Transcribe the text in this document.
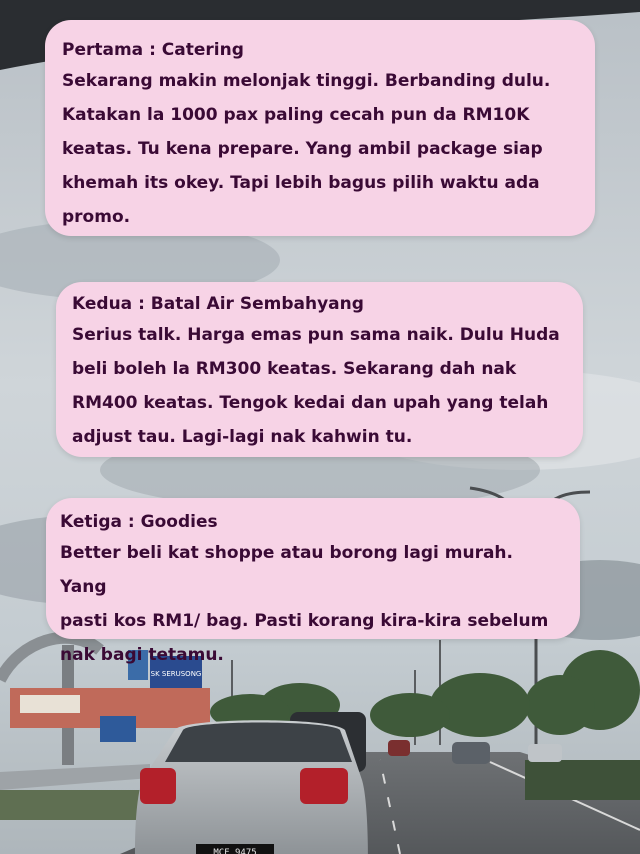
SK SERUSONG
MCF 9475

Pertama : Catering

Sekarang makin melonjak tinggi. Berbanding dulu.

Katakan la 1000 pax paling cecah pun da RM10K

keatas. Tu kena prepare. Yang ambil package siap

khemah its okey. Tapi lebih bagus pilih waktu ada

promo.

Kedua : Batal Air Sembahyang

Serius talk. Harga emas pun sama naik. Dulu Huda

beli boleh la RM300 keatas. Sekarang dah nak

RM400 keatas. Tengok kedai dan upah yang telah

adjust tau. Lagi-lagi nak kahwin tu.

Ketiga : Goodies

Better beli kat shoppe atau borong lagi murah. Yang

pasti kos RM1/ bag. Pasti korang kira-kira sebelum

nak bagi tetamu.
